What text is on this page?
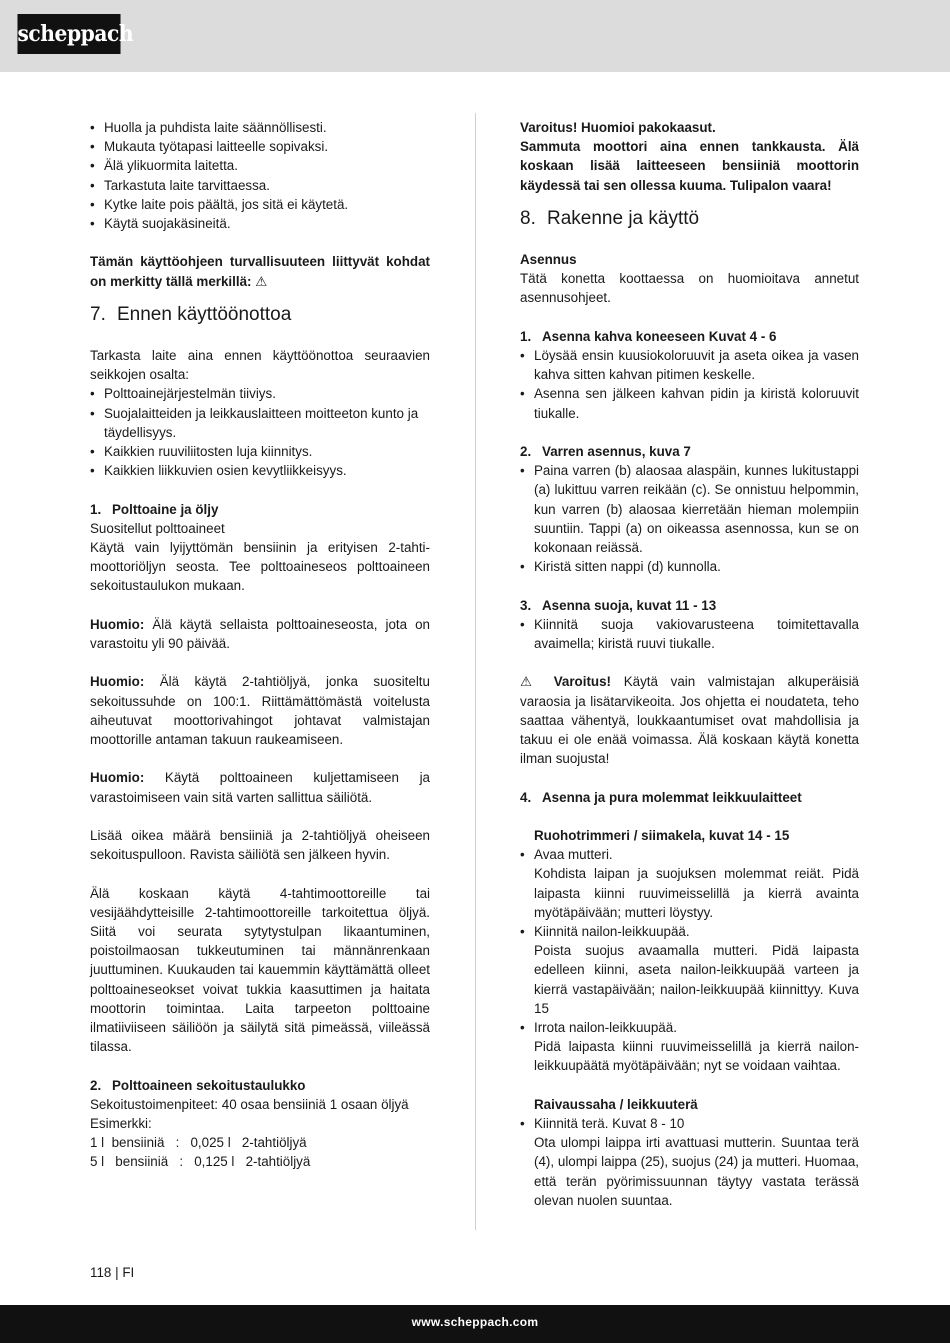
scheppach
• Huolla ja puhdista laite säännöllisesti.
• Mukauta työtapasi laitteelle sopivaksi.
• Älä ylikuormita laitetta.
• Tarkastuta laite tarvittaessa.
• Kytke laite pois päältä, jos sitä ei käytetä.
• Käytä suojakäsineitä.

Tämän käyttöohjeen turvallisuuteen liittyvät kohdat on merkitty tällä merkillä: ⚠

7. Ennen käyttöönottoa

Tarkasta laite aina ennen käyttöönottoa seuraavien seikkojen osalta:

• Polttoainejärjestelmän tiiviys.
• Suojalaitteiden ja leikkauslaitteen moitteeton kunto ja täydellisyys.
• Kaikkien ruuviliitosten luja kiinnitys.
• Kaikkien liikkuvien osien kevytliikkeisyys.

1. Polttoaine ja öljy

Suositellut polttoaineet

Käytä vain lyijyttömän bensiinin ja erityisen 2-tahti-moottoriöljyn seosta. Tee polttoaineseos polttoaineen sekoitustaulukon mukaan.

Huomio: Älä käytä sellaista polttoaineseosta, jota on varastoitu yli 90 päivää.

Huomio: Älä käytä 2-tahtiöljyä, jonka suositeltu sekoitussuhde on 100:1. Riittämättömästä voitelusta aiheutuvat moottorivahingot johtavat valmistajan moottorille antaman takuun raukeamiseen.

Huomio: Käytä polttoaineen kuljettamiseen ja varastoimiseen vain sitä varten sallittua säiliötä.

Lisää oikea määrä bensiiniä ja 2-tahtiöljyä oheiseen sekoituspulloon. Ravista säiliötä sen jälkeen hyvin.

Älä koskaan käytä 4-tahtimoottoreille tai vesijäähdytteisille 2-tahtimoottoreille tarkoitettua öljyä. Siitä voi seurata sytytystulpan likaantuminen, poistoilmaosan tukkeutuminen tai männänrenkaan juuttuminen. Kuukauden tai kauemmin käyttämättä olleet polttoaineseokset voivat tukkia kaasuttimen ja haitata moottorin toimintaa. Laita tarpeeton polttoaine ilmatiiviiseen säiliöön ja säilytä sitä pimeässä, viileässä tilassa.

2. Polttoaineen sekoitustaulukko

Sekoitustoimenpiteet: 40 osaa bensiiniä 1 osaan öljyä

Esimerkki:

1 l  bensiiniä   :   0,025 l   2-tahtiöljyä

5 l   bensiiniä   :   0,125 l   2-tahtiöljyä

Varoitus! Huomioi pakokaasut.

Sammuta moottori aina ennen tankkausta. Älä koskaan lisää laitteeseen bensiiniä moottorin käydessä tai sen ollessa kuuma. Tulipalon vaara!

8. Rakenne ja käyttö

Asennus

Tätä konetta koottaessa on huomioitava annetut asennusohjeet.

1. Asenna kahva koneeseen Kuvat 4 - 6

• Löysää ensin kuusiokoloruuvit ja aseta oikea ja vasen kahva sitten kahvan pitimen keskelle.
• Asenna sen jälkeen kahvan pidin ja kiristä koloruuvit tiukalle.

2. Varren asennus, kuva 7

• Paina varren (b) alaosaa alaspäin, kunnes lukitustappi (a) lukittuu varren reikään (c). Se onnistuu helpommin, kun varren (b) alaosaa kierretään hieman molempiin suuntiin. Tappi (a) on oikeassa asennossa, kun se on kokonaan reiässä.
• Kiristä sitten nappi (d) kunnolla.

3. Asenna suoja, kuvat 11 - 13

• Kiinnitä suoja vakiovarusteena toimitettavalla avaimella; kiristä ruuvi tiukalle.

⚠ Varoitus! Käytä vain valmistajan alkuperäisiä varaosia ja lisätarvikeoita. Jos ohjetta ei noudateta, teho saattaa vähentyä, loukkaantumiset ovat mahdollisia ja takuu ei ole enää voimassa. Älä koskaan käytä konetta ilman suojusta!

4. Asenna ja pura molemmat leikkuulaitteet

Ruohotrimmeri / siimakela, kuvat 14 - 15

• Avaa mutteri.
Kohdista laipan ja suojuksen molemmat reiät. Pidä laipasta kiinni ruuvimeisselillä ja kierrä avainta myötäpäivään; mutteri löystyy.
• Kiinnitä nailon-leikkuupää.
Poista suojus avaamalla mutteri. Pidä laipasta edelleen kiinni, aseta nailon-leikkuupää varteen ja kierrä vastapäivään; nailon-leikkuupää kiinnittyy. Kuva 15
• Irrota nailon-leikkuupää.
Pidä laipasta kiinni ruuvimeisselillä ja kierrä nailon-leikkuupäätä myötäpäivään; nyt se voidaan vaihtaa.

Raivaussaha / leikkuuterä

• Kiinnitä terä. Kuvat 8 - 10
Ota ulompi laippa irti avattuasi mutterin. Suuntaa terä (4), ulompi laippa (25), suojus (24) ja mutteri. Huomaa, että terän pyörimissuunnan täytyy vastata terässä olevan nuolen suuntaa.
118 | FI
www.scheppach.com
